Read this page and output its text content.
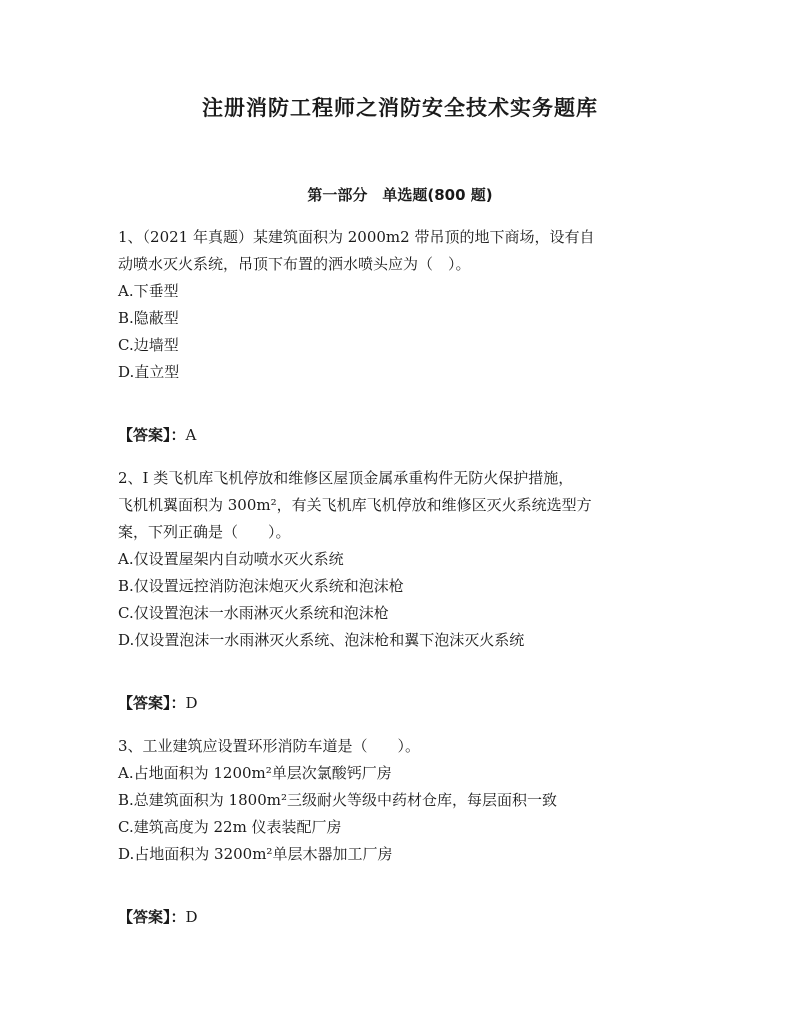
注册消防工程师之消防安全技术实务题库
第一部分　单选题(800 题)

1、（2021 年真题）某建筑面积为 2000m2 带吊顶的地下商场，设有自

动喷水灭火系统，吊顶下布置的洒水喷头应为（　）。

A.下垂型

B.隐蔽型

C.边墙型

D.直立型

【答案】：A

2、I 类飞机库飞机停放和维修区屋顶金属承重构件无防火保护措施，

飞机机翼面积为 300m²，有关飞机库飞机停放和维修区灭火系统选型方

案，下列正确是（　　）。

A.仅设置屋架内自动喷水灭火系统

B.仅设置远控消防泡沫炮灭火系统和泡沫枪

C.仅设置泡沫一水雨淋灭火系统和泡沫枪

D.仅设置泡沫一水雨淋灭火系统、泡沫枪和翼下泡沫灭火系统

【答案】：D

3、工业建筑应设置环形消防车道是（　　）。

A.占地面积为 1200m²单层次氯酸钙厂房

B.总建筑面积为 1800m²三级耐火等级中药材仓库，每层面积一致

C.建筑高度为 22m 仪表装配厂房

D.占地面积为 3200m²单层木器加工厂房

【答案】：D
